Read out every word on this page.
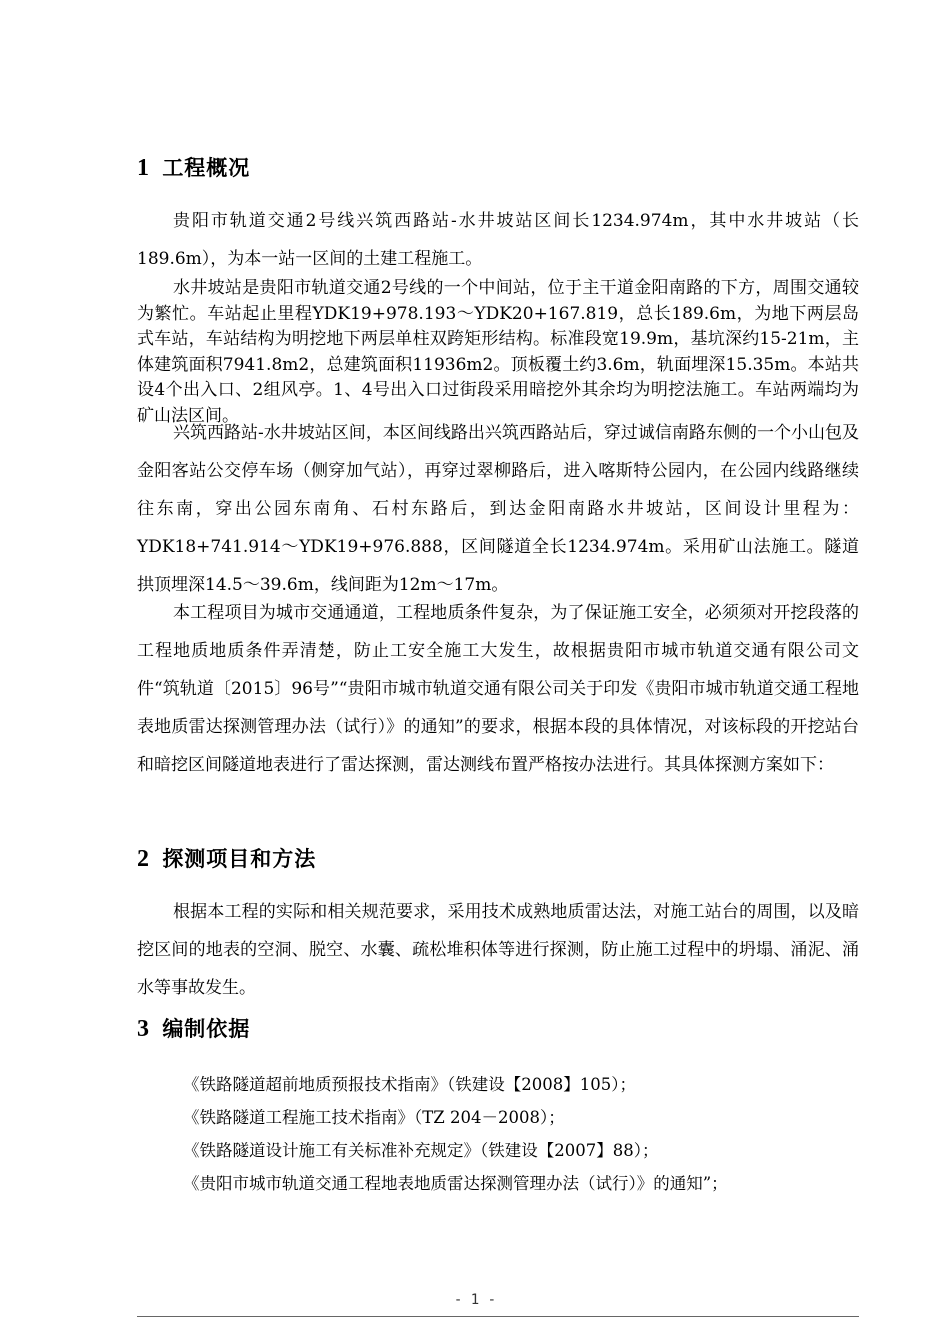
1 工程概况

贵阳市轨道交通2号线兴筑西路站-水井坡站区间长1234.974m，其中水井坡站（长189.6m），为本一站一区间的土建工程施工。

水井坡站是贵阳市轨道交通2号线的一个中间站，位于主干道金阳南路的下方，周围交通较为繁忙。车站起止里程YDK19+978.193～YDK20+167.819，总长189.6m，为地下两层岛式车站，车站结构为明挖地下两层单柱双跨矩形结构。标准段宽19.9m，基坑深约15-21m，主体建筑面积7941.8m2，总建筑面积11936m2。顶板覆土约3.6m，轨面埋深15.35m。本站共设4个出入口、2组风亭。1、4号出入口过街段采用暗挖外其余均为明挖法施工。车站两端均为矿山法区间。

兴筑西路站-水井坡站区间，本区间线路出兴筑西路站后，穿过诚信南路东侧的一个小山包及金阳客站公交停车场（侧穿加气站），再穿过翠柳路后，进入喀斯特公园内，在公园内线路继续往东南，穿出公园东南角、石村东路后，到达金阳南路水井坡站，区间设计里程为：YDK18+741.914～YDK19+976.888，区间隧道全长1234.974m。采用矿山法施工。隧道拱顶埋深14.5～39.6m，线间距为12m～17m。

本工程项目为城市交通通道，工程地质条件复杂，为了保证施工安全，必须须对开挖段落的工程地质地质条件弄清楚，防止工安全施工大发生，故根据贵阳市城市轨道交通有限公司文件“筑轨道〔2015〕96号”“贵阳市城市轨道交通有限公司关于印发《贵阳市城市轨道交通工程地表地质雷达探测管理办法（试行）》的通知”的要求，根据本段的具体情况，对该标段的开挖站台和暗挖区间隧道地表进行了雷达探测，雷达测线布置严格按办法进行。其具体探测方案如下：

2 探测项目和方法

根据本工程的实际和相关规范要求，采用技术成熟地质雷达法，对施工站台的周围，以及暗挖区间的地表的空洞、脱空、水囊、疏松堆积体等进行探测，防止施工过程中的坍塌、涌泥、涌水等事故发生。

3 编制依据
《铁路隧道超前地质预报技术指南》（铁建设【2008】105）；
《铁路隧道工程施工技术指南》（TZ 204－2008）；
《铁路隧道设计施工有关标准补充规定》（铁建设【2007】88）；
《贵阳市城市轨道交通工程地表地质雷达探测管理办法（试行）》的通知”；
- 1 -
